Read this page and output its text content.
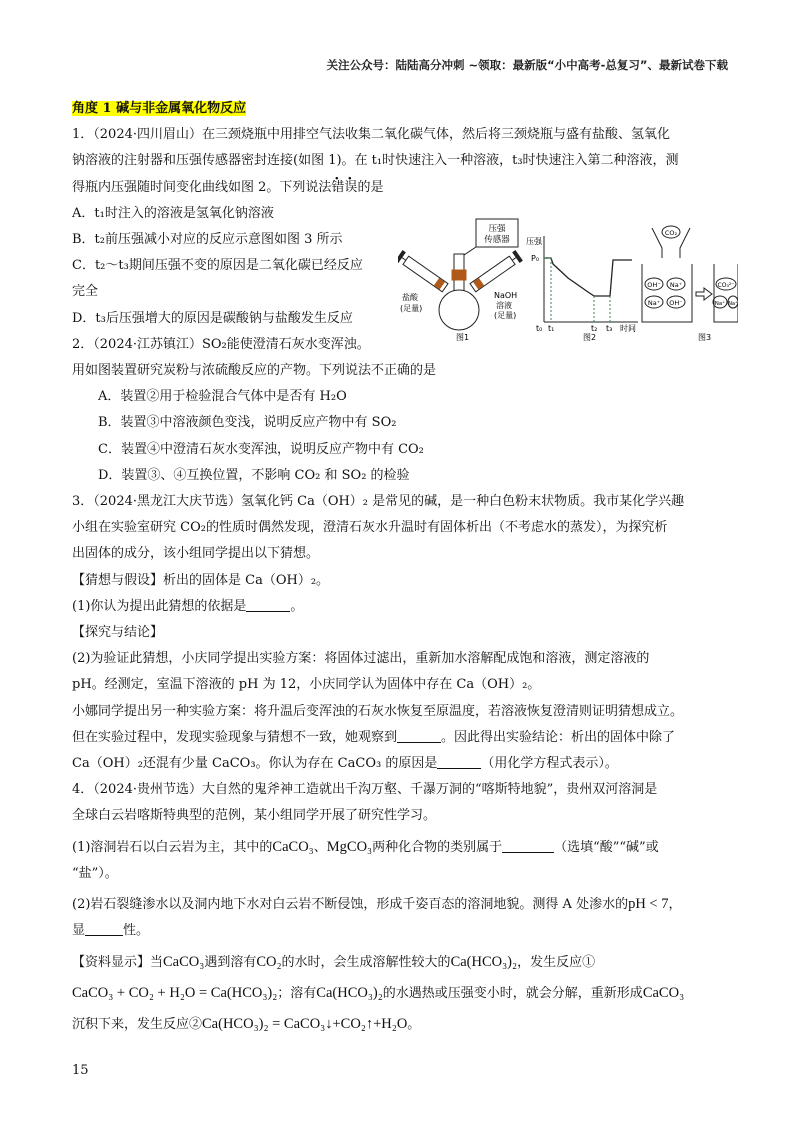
关注公众号：陆陆高分冲刺 ~领取：最新版“小中高考-总复习”、最新试卷下载
角度 1 碱与非金属氧化物反应
1．（2024·四川眉山）在三颈烧瓶中用排空气法收集二氧化碳气体，然后将三颈烧瓶与盛有盐酸、氢氧化
钠溶液的注射器和压强传感器密封连接(如图 1)。在 t₁时快速注入一种溶液，t₃时快速注入第二种溶液，测
得瓶内压强随时间变化曲线如图 2。下列说法错误的是
A．t₁时注入的溶液是氢氧化钠溶液
B．t₂前压强减小对应的反应示意图如图 3 所示
C．t₂～t₃期间压强不变的原因是二氧化碳已经反应
完全
D．t₃后压强增大的原因是碳酸钠与盐酸发生反应
2．（2024·江苏镇江）SO₂能使澄清石灰水变浑浊。
用如图装置研究炭粉与浓硫酸反应的产物。下列说法不正确的是
A．装置②用于检验混合气体中是否有 H₂O
B．装置③中溶液颜色变浅，说明反应产物中有 SO₂
C．装置④中澄清石灰水变浑浊，说明反应产物中有 CO₂
D．装置③、④互换位置，不影响 CO₂ 和 SO₂ 的检验
3．（2024·黑龙江大庆节选）氢氧化钙 Ca（OH）₂ 是常见的碱，是一种白色粉末状物质。我市某化学兴趣
小组在实验室研究 CO₂的性质时偶然发现，澄清石灰水升温时有固体析出（不考虑水的蒸发），为探究析
出固体的成分，该小组同学提出以下猜想。
【猜想与假设】析出的固体是 Ca（OH）₂。
(1)你认为提出此猜想的依据是	。
【探究与结论】
(2)为验证此猜想，小庆同学提出实验方案：将固体过滤出，重新加水溶解配成饱和溶液，测定溶液的
pH。经测定，室温下溶液的 pH 为 12，小庆同学认为固体中存在 Ca（OH）₂。
小娜同学提出另一种实验方案：将升温后变浑浊的石灰水恢复至原温度，若溶液恢复澄清则证明猜想成立。
但在实验过程中，发现实验现象与猜想不一致，她观察到	。因此得出实验结论：析出的固体中除了
Ca（OH）₂还混有少量 CaCO₃。你认为存在 CaCO₃ 的原因是	（用化学方程式表示）。
4．（2024·贵州节选）大自然的鬼斧神工造就出千沟万壑、千瀑万洞的“喀斯特地貌”，贵州双河溶洞是
全球白云岩喀斯特典型的范例，某小组同学开展了研究性学习。
(1)溶洞岩石以白云岩为主，其中的CaCO₃、MgCO₃两种化合物的类别属于	（选填“酸”“碱”或
“盐”）。
(2)岩石裂缝渗水以及洞内地下水对白云岩不断侵蚀，形成千姿百态的溶洞地貌。测得 A 处渗水的pH < 7，
显	性。
【资料显示】当CaCO₃遇到溶有CO₂的水时，会生成溶解性较大的Ca(HCO₃)₂，发生反应①
CaCO₃ + CO₂ + H₂O = Ca(HCO₃)₂；溶有Ca(HCO₃)₂的水遇热或压强变小时，就会分解，重新形成CaCO₃
沉积下来，发生反应②Ca(HCO₃)₂ = CaCO₃↓+CO₂↑+H₂O。
压强
传感器
盐酸
(足量)
NaOH
溶液
(足量)
图1
压强
P₀
t₀ t₁	t₂ t₃ 时间
图2
CO₂
OH⁻ Na⁺
Na⁺ OH⁻
CO₃²⁻
Na⁺ Na⁺
图3
15
